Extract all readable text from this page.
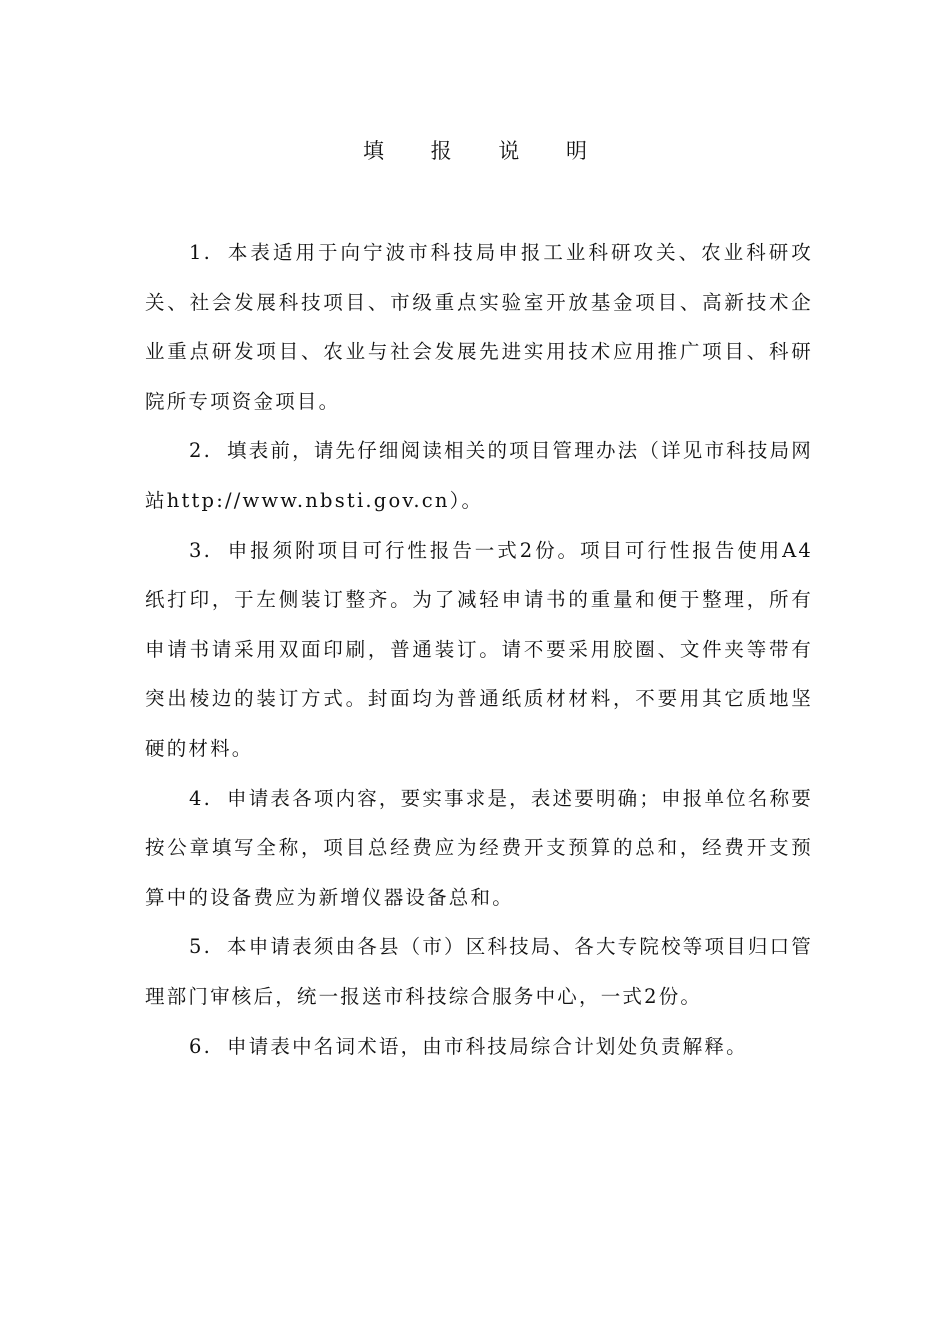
填 报 说 明

1. 本表适用于向宁波市科技局申报工业科研攻关、农业科研攻关、社会发展科技项目、市级重点实验室开放基金项目、高新技术企业重点研发项目、农业与社会发展先进实用技术应用推广项目、科研院所专项资金项目。

2. 填表前，请先仔细阅读相关的项目管理办法（详见市科技局网站http://www.nbsti.gov.cn）。

3. 申报须附项目可行性报告一式2份。项目可行性报告使用A4纸打印，于左侧装订整齐。为了减轻申请书的重量和便于整理，所有申请书请采用双面印刷，普通装订。请不要采用胶圈、文件夹等带有突出棱边的装订方式。封面均为普通纸质材材料，不要用其它质地坚硬的材料。

4. 申请表各项内容，要实事求是，表述要明确；申报单位名称要按公章填写全称，项目总经费应为经费开支预算的总和，经费开支预算中的设备费应为新增仪器设备总和。

5. 本申请表须由各县（市）区科技局、各大专院校等项目归口管理部门审核后，统一报送市科技综合服务中心，一式2份。

6. 申请表中名词术语，由市科技局综合计划处负责解释。
